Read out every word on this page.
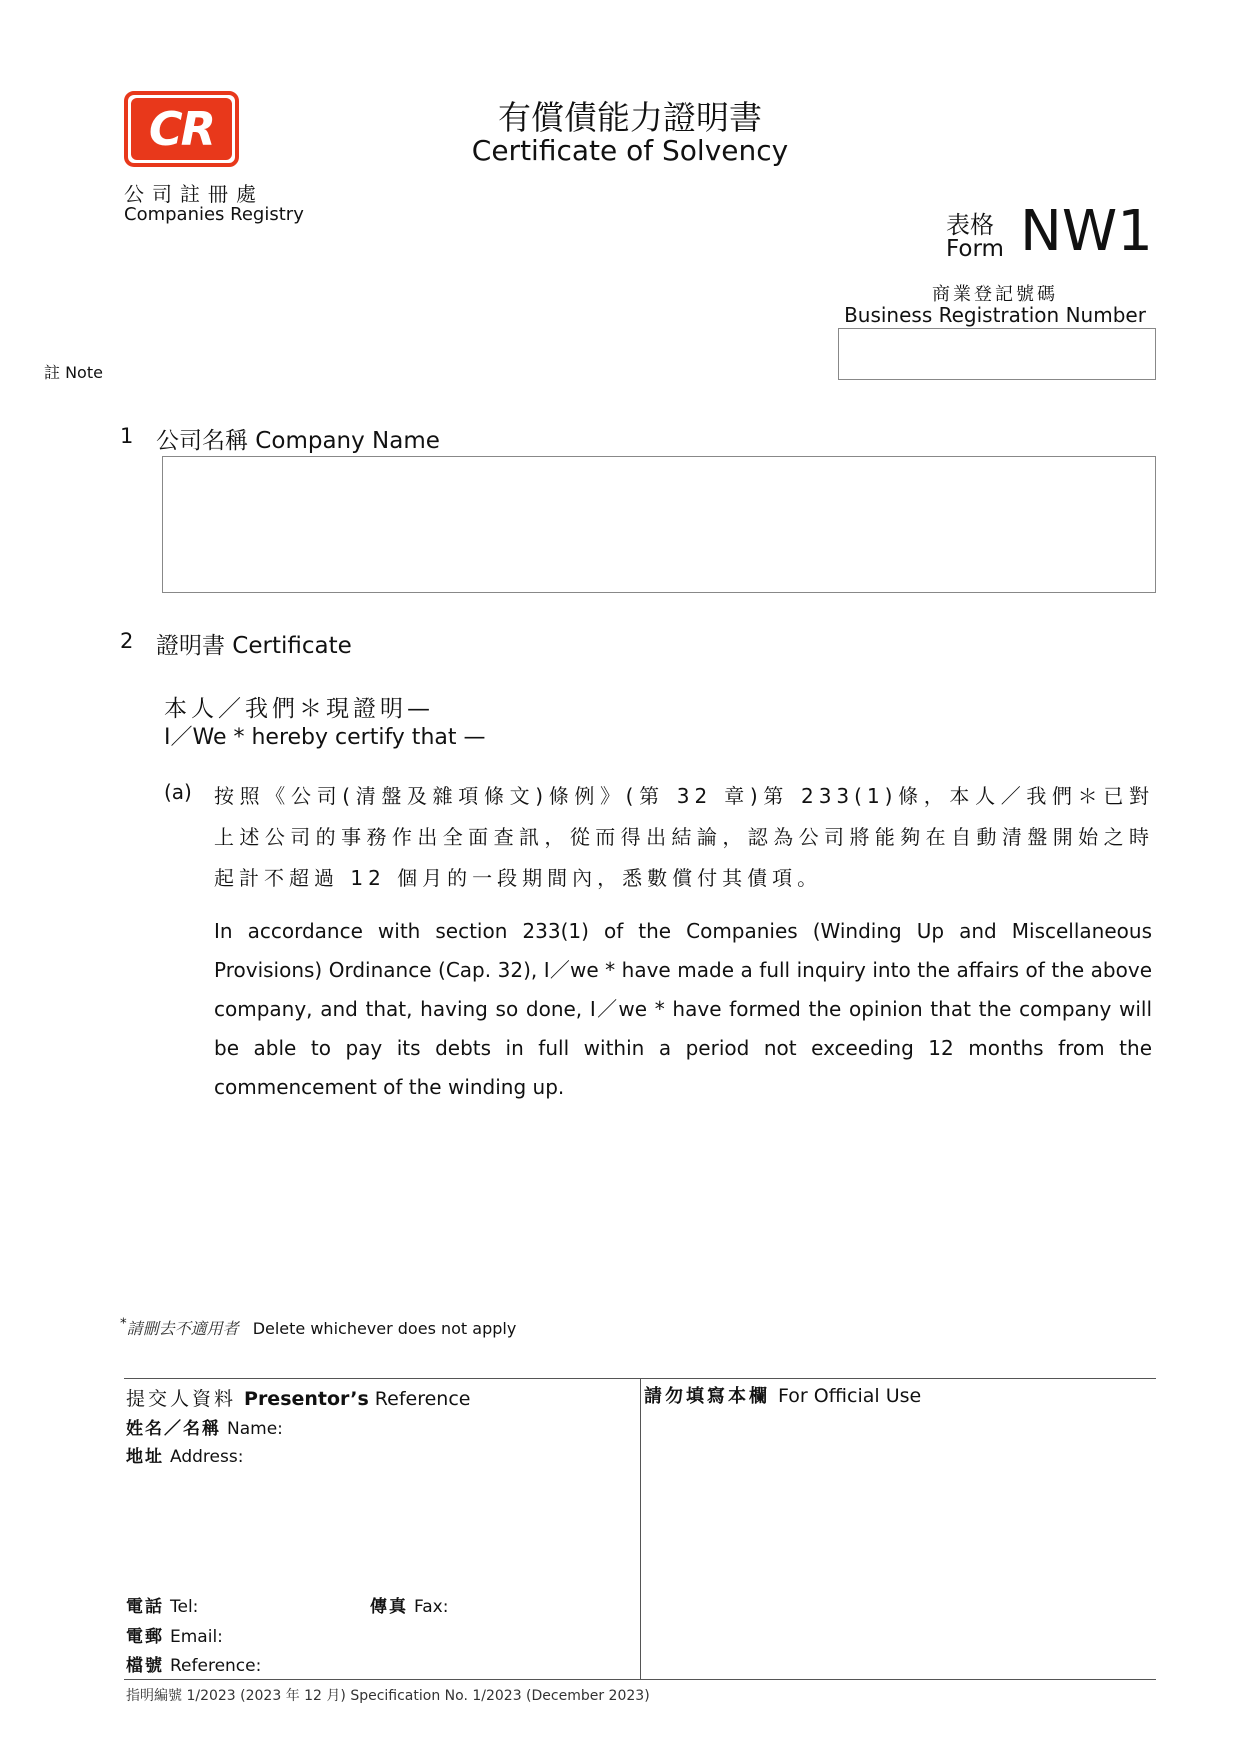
CR
公司註冊處
Companies Registry
有償債能力證明書
Certificate of Solvency
表格
Form NW1
商業登記號碼
Business Registration Number
註 Note
1 公司名稱 Company Name
2 證明書 Certificate
本人／我們＊現證明—
I／We * hereby certify that —
(a) 按照《公司(清盤及雜項條文)條例》(第 32 章)第 233(1)條，本人／我們＊已對上述公司的事務作出全面查訊，從而得出結論，認為公司將能夠在自動清盤開始之時起計不超過 12 個月的一段期間內，悉數償付其債項。
In accordance with section 233(1) of the Companies (Winding Up and Miscellaneous Provisions) Ordinance (Cap. 32), I／we * have made a full inquiry into the affairs of the above company, and that, having so done, I／we * have formed the opinion that the company will be able to pay its debts in full within a period not exceeding 12 months from the commencement of the winding up.
*請刪去不適用者 Delete whichever does not apply
提交人資料 Presentor’s Reference
姓名／名稱 Name:
地址 Address:
電話 Tel:	傳真 Fax:
電郵 Email:
檔號 Reference:
請勿填寫本欄 For Official Use
指明編號 1/2023 (2023 年 12 月) Specification No. 1/2023 (December 2023)
